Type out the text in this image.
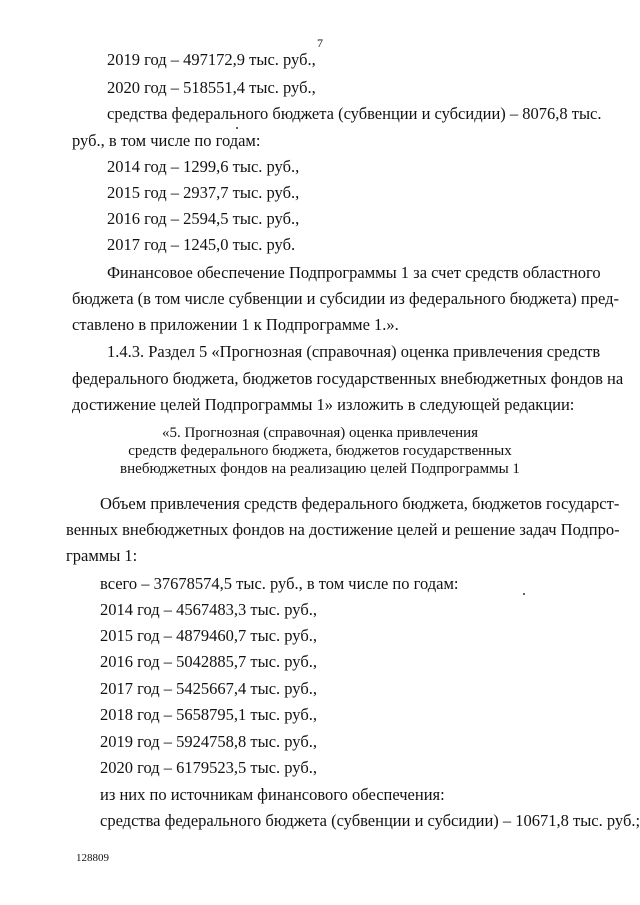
7
2019 год – 497172,9 тыс. руб.,
2020 год – 518551,4 тыс. руб.,
средства федерального бюджета (субвенции и субсидии) – 8076,8 тыс.
руб., в том числе по годам:
2014 год – 1299,6 тыс. руб.,
2015 год – 2937,7 тыс. руб.,
2016 год – 2594,5 тыс. руб.,
2017 год – 1245,0 тыс. руб.
Финансовое обеспечение Подпрограммы 1 за счет средств областного
бюджета (в том числе субвенции и субсидии из федерального бюджета) пред-
ставлено в приложении 1 к Подпрограмме 1.».
1.4.3. Раздел 5 «Прогнозная (справочная) оценка привлечения средств
федерального бюджета, бюджетов государственных внебюджетных фондов на
достижение целей Подпрограммы 1» изложить в следующей редакции:
«5. Прогнозная (справочная) оценка привлечения
средств федерального бюджета, бюджетов государственных
внебюджетных фондов на реализацию целей Подпрограммы 1
Объем привлечения средств федерального бюджета, бюджетов государст-
венных внебюджетных фондов на достижение целей и решение задач Подпро-
граммы 1:
всего – 37678574,5 тыс. руб., в том числе по годам:
2014 год – 4567483,3 тыс. руб.,
2015 год – 4879460,7 тыс. руб.,
2016 год – 5042885,7 тыс. руб.,
2017 год – 5425667,4 тыс. руб.,
2018 год – 5658795,1 тыс. руб.,
2019 год – 5924758,8 тыс. руб.,
2020 год – 6179523,5 тыс. руб.,
из них по источникам финансового обеспечения:
средства федерального бюджета (субвенции и субсидии) – 10671,8 тыс. руб.;
128809
